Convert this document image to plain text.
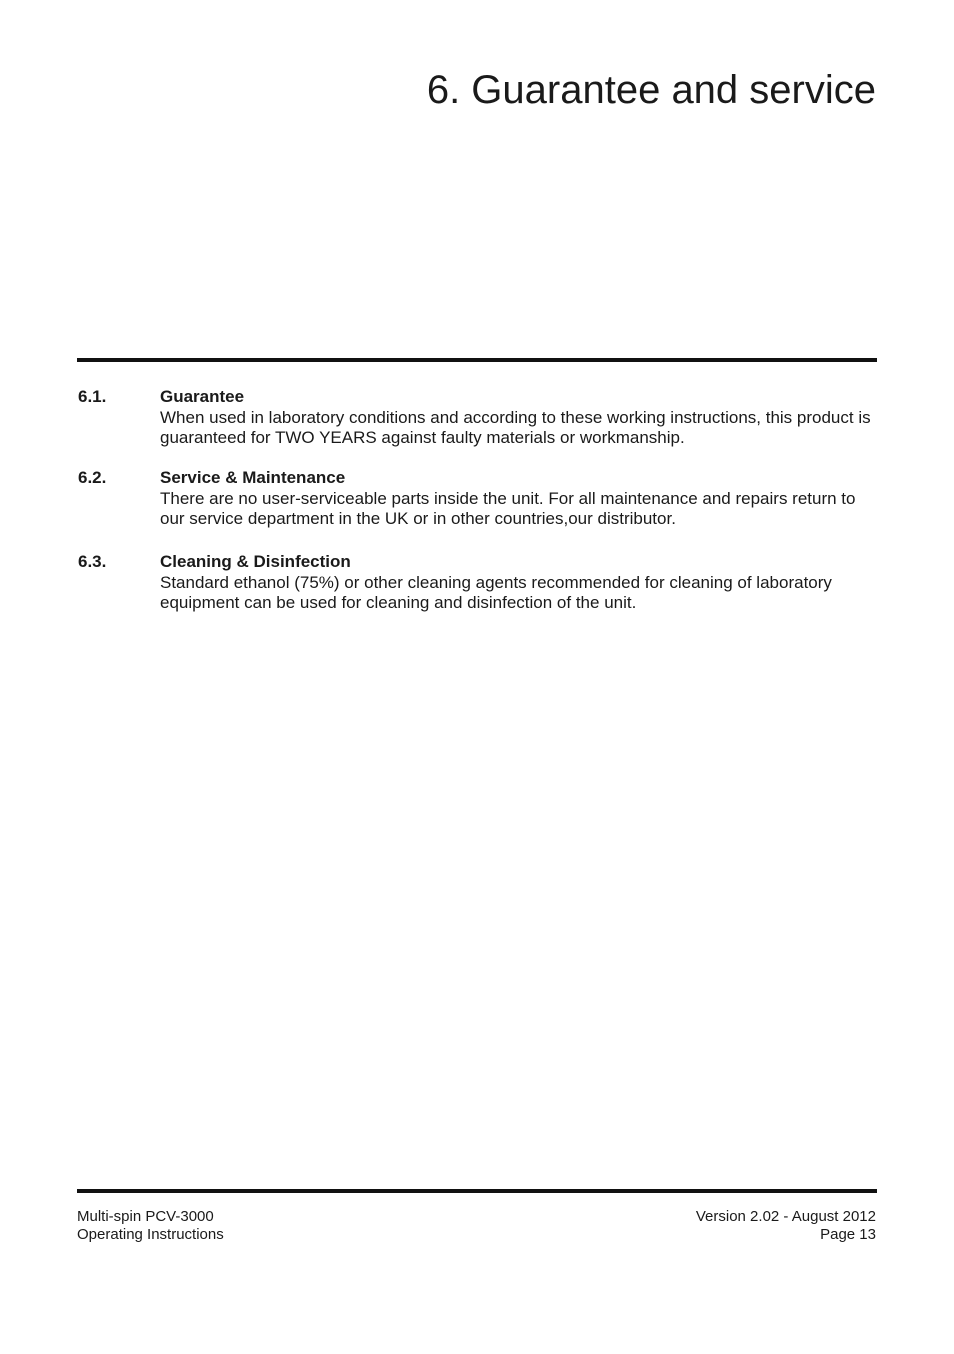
6. Guarantee and service
6.1.	Guarantee

When used in laboratory conditions and according to these working instructions, this product is guaranteed for TWO YEARS against faulty materials or workmanship.

6.2.	Service & Maintenance

There are no user-serviceable parts inside the unit. For all maintenance and repairs return to our service department in the UK or in other countries,our distributor.

6.3.	Cleaning & Disinfection

Standard ethanol (75%) or other cleaning agents recommended for cleaning of laboratory equipment can be used for cleaning and disinfection of the unit.

Multi-spin PCV-3000
Operating Instructions
Version 2.02 - August 2012
Page 13
